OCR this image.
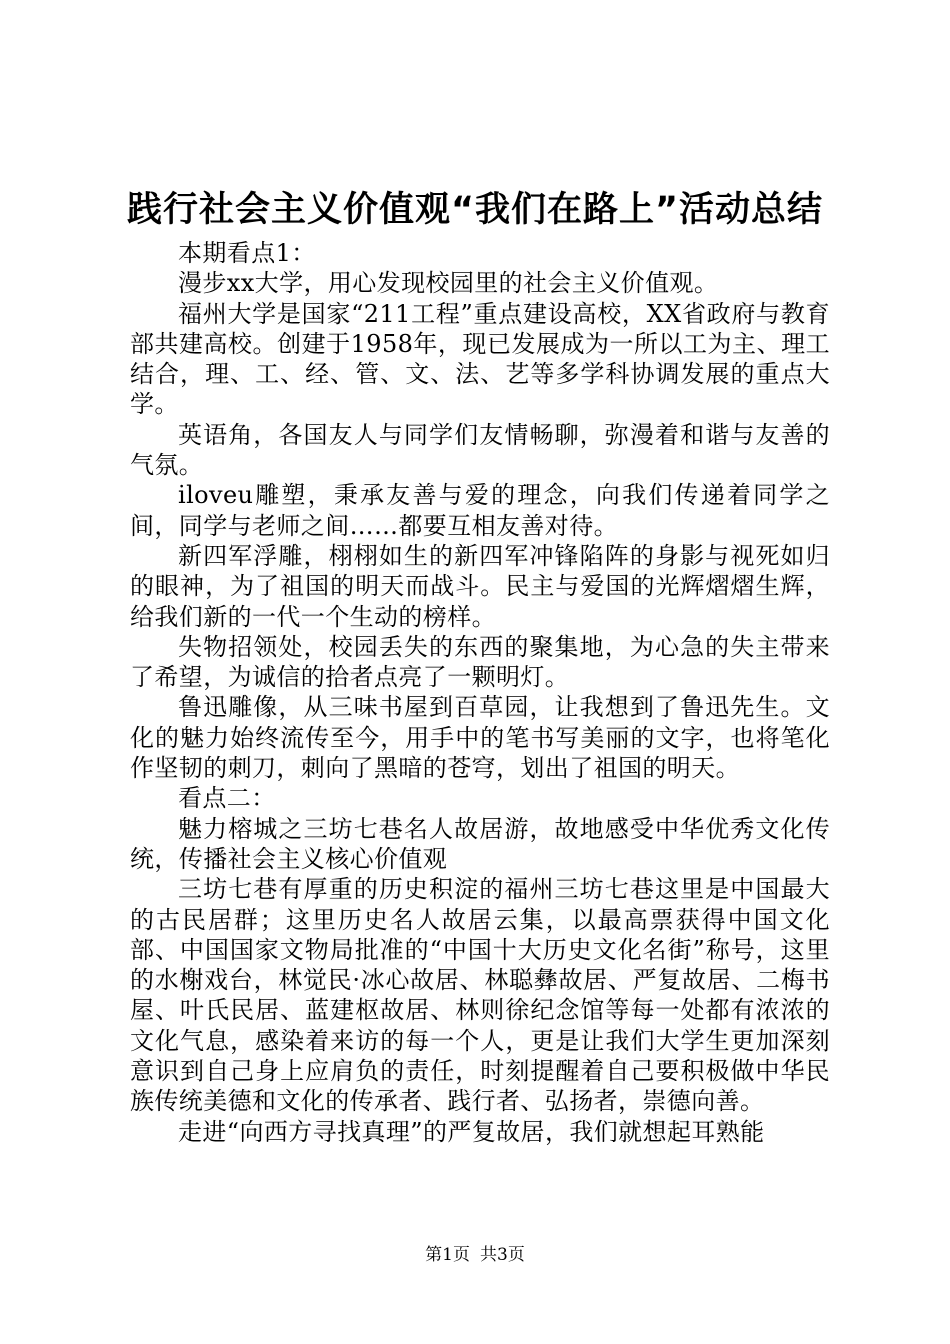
践行社会主义价值观“我们在路上”活动总结

本期看点1：

漫步xx大学，用心发现校园里的社会主义价值观。

福州大学是国家“211工程”重点建设高校，XX省政府与教育部共建高校。创建于1958年，现已发展成为一所以工为主、理工结合，理、工、经、管、文、法、艺等多学科协调发展的重点大学。

英语角，各国友人与同学们友情畅聊，弥漫着和谐与友善的气氛。

iloveu雕塑，秉承友善与爱的理念，向我们传递着同学之间，同学与老师之间……都要互相友善对待。

新四军浮雕，栩栩如生的新四军冲锋陷阵的身影与视死如归的眼神，为了祖国的明天而战斗。民主与爱国的光辉熠熠生辉，给我们新的一代一个生动的榜样。

失物招领处，校园丢失的东西的聚集地，为心急的失主带来了希望，为诚信的拾者点亮了一颗明灯。

鲁迅雕像，从三味书屋到百草园，让我想到了鲁迅先生。文化的魅力始终流传至今，用手中的笔书写美丽的文字，也将笔化作坚韧的刺刀，刺向了黑暗的苍穹，划出了祖国的明天。

看点二：

魅力榕城之三坊七巷名人故居游，故地感受中华优秀文化传统，传播社会主义核心价值观

三坊七巷有厚重的历史积淀的福州三坊七巷这里是中国最大的古民居群；这里历史名人故居云集，以最高票获得中国文化部、中国国家文物局批准的“中国十大历史文化名街”称号，这里的水榭戏台，林觉民·冰心故居、林聪彝故居、严复故居、二梅书屋、叶氏民居、蓝建枢故居、林则徐纪念馆等每一处都有浓浓的文化气息，感染着来访的每一个人，更是让我们大学生更加深刻意识到自己身上应肩负的责任，时刻提醒着自己要积极做中华民族传统美德和文化的传承者、践行者、弘扬者，崇德向善。

走进“向西方寻找真理”的严复故居，我们就想起耳熟能

第1页 共3页
